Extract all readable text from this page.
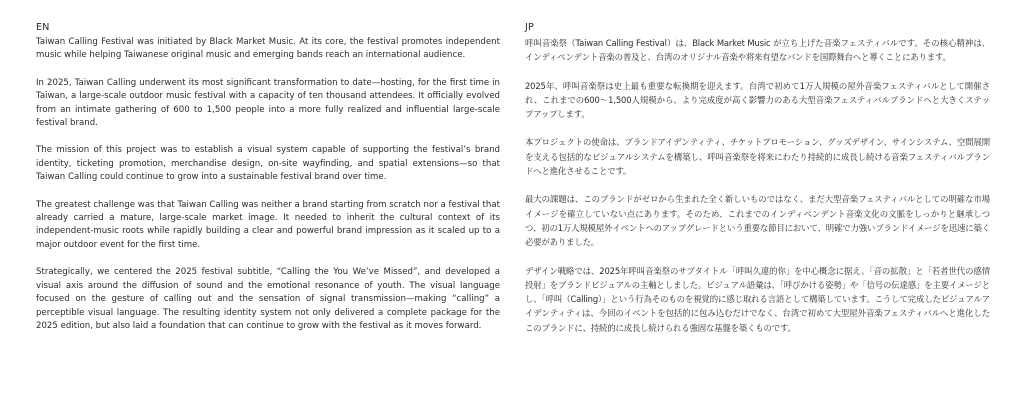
EN

Taiwan Calling Festival was initiated by Black Market Music. At its core, the festival promotes independent music while helping Taiwanese original music and emerging bands reach an international audience.

In 2025, Taiwan Calling underwent its most significant transformation to date—hosting, for the first time in Taiwan, a large-scale outdoor music festival with a capacity of ten thousand attendees. It officially evolved from an intimate gathering of 600 to 1,500 people into a more fully realized and influential large-scale festival brand.

The mission of this project was to establish a visual system capable of supporting the festival’s brand identity, ticketing promotion, merchandise design, on-site wayfinding, and spatial extensions—so that Taiwan Calling could continue to grow into a sustainable festival brand over time.

The greatest challenge was that Taiwan Calling was neither a brand starting from scratch nor a festival that already carried a mature, large-scale market image. It needed to inherit the cultural context of its independent-music roots while rapidly building a clear and powerful brand impression as it scaled up to a major outdoor event for the first time.

Strategically, we centered the 2025 festival subtitle, “Calling the You We’ve Missed”, and developed a visual axis around the diffusion of sound and the emotional resonance of youth. The visual language focused on the gesture of calling out and the sensation of signal transmission—making “calling” a perceptible visual language. The resulting identity system not only delivered a complete package for the 2025 edition, but also laid a foundation that can continue to grow with the festival as it moves forward.

JP

呼叫音楽祭（Taiwan Calling Festival）は、Black Market Music が立ち上げた音楽フェスティバルです。その核心精神は、インディペンデント音楽の普及と、台湾のオリジナル音楽や将来有望なバンドを国際舞台へと導くことにあります。

2025年、呼叫音楽祭は史上最も重要な転換期を迎えます。台湾で初めて1万人規模の屋外音楽フェスティバルとして開催され、これまでの600〜1,500人規模から、より完成度が高く影響力のある大型音楽フェスティバルブランドへと大きくステップアップします。

本プロジェクトの使命は、ブランドアイデンティティ、チケットプロモーション、グッズデザイン、サインシステム、空間展開を支える包括的なビジュアルシステムを構築し、呼叫音楽祭を将来にわたり持続的に成長し続ける音楽フェスティバルブランドへと進化させることです。

最大の課題は、このブランドがゼロから生まれた全く新しいものではなく、まだ大型音楽フェスティバルとしての明確な市場イメージを確立していない点にあります。そのため、これまでのインディペンデント音楽文化の文脈をしっかりと継承しつつ、初の1万人規模屋外イベントへのアップグレードという重要な節目において、明確で力強いブランドイメージを迅速に築く必要がありました。

デザイン戦略では、2025年呼叫音楽祭のサブタイトル「呼叫久違的你」を中心概念に据え、「音の拡散」と「若者世代の感情投射」をブランドビジュアルの主軸としました。ビジュアル語彙は、「呼びかける姿勢」や「信号の伝達感」を主要イメージとし、「呼叫（Calling）」という行為そのものを視覚的に感じ取れる言語として構築しています。こうして完成したビジュアルアイデンティティは、今回のイベントを包括的に包み込むだけでなく、台湾で初めて大型屋外音楽フェスティバルへと進化したこのブランドに、持続的に成長し続けられる強固な基盤を築くものです。
